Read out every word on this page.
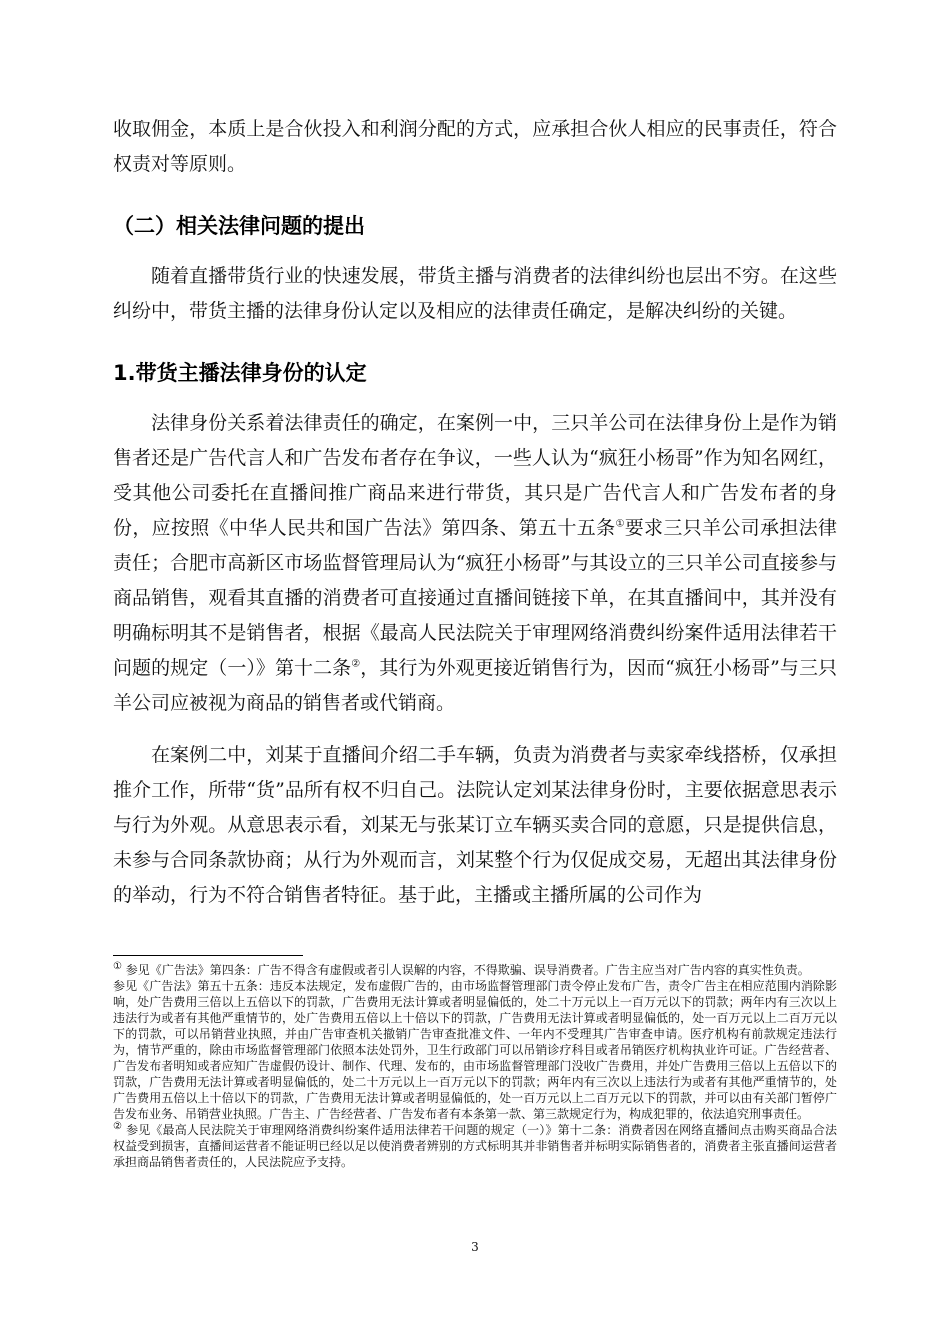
收取佣金，本质上是合伙投入和利润分配的方式，应承担合伙人相应的民事责任，符合权责对等原则。

（二）相关法律问题的提出

随着直播带货行业的快速发展，带货主播与消费者的法律纠纷也层出不穷。在这些纠纷中，带货主播的法律身份认定以及相应的法律责任确定，是解决纠纷的关键。

1.带货主播法律身份的认定

法律身份关系着法律责任的确定，在案例一中，三只羊公司在法律身份上是作为销售者还是广告代言人和广告发布者存在争议，一些人认为“疯狂小杨哥”作为知名网红，受其他公司委托在直播间推广商品来进行带货，其只是广告代言人和广告发布者的身份，应按照《中华人民共和国广告法》第四条、第五十五条①要求三只羊公司承担法律责任；合肥市高新区市场监督管理局认为“疯狂小杨哥”与其设立的三只羊公司直接参与商品销售，观看其直播的消费者可直接通过直播间链接下单，在其直播间中，其并没有明确标明其不是销售者，根据《最高人民法院关于审理网络消费纠纷案件适用法律若干问题的规定（一）》第十二条②，其行为外观更接近销售行为，因而“疯狂小杨哥”与三只羊公司应被视为商品的销售者或代销商。

在案例二中，刘某于直播间介绍二手车辆，负责为消费者与卖家牵线搭桥，仅承担推介工作，所带“货”品所有权不归自己。法院认定刘某法律身份时，主要依据意思表示与行为外观。从意思表示看，刘某无与张某订立车辆买卖合同的意愿，只是提供信息，未参与合同条款协商；从行为外观而言，刘某整个行为仅促成交易，无超出其法律身份的举动，行为不符合销售者特征。基于此，主播或主播所属的公司作为

① 参见《广告法》第四条：广告不得含有虚假或者引人误解的内容，不得欺骗、误导消费者。广告主应当对广告内容的真实性负责。

参见《广告法》第五十五条：违反本法规定，发布虚假广告的，由市场监督管理部门责令停止发布广告，责令广告主在相应范围内消除影响，处广告费用三倍以上五倍以下的罚款，广告费用无法计算或者明显偏低的，处二十万元以上一百万元以下的罚款；两年内有三次以上违法行为或者有其他严重情节的，处广告费用五倍以上十倍以下的罚款，广告费用无法计算或者明显偏低的，处一百万元以上二百万元以下的罚款，可以吊销营业执照，并由广告审查机关撤销广告审查批准文件、一年内不受理其广告审查申请。医疗机构有前款规定违法行为，情节严重的，除由市场监督管理部门依照本法处罚外，卫生行政部门可以吊销诊疗科目或者吊销医疗机构执业许可证。广告经营者、广告发布者明知或者应知广告虚假仍设计、制作、代理、发布的，由市场监督管理部门没收广告费用，并处广告费用三倍以上五倍以下的罚款，广告费用无法计算或者明显偏低的，处二十万元以上一百万元以下的罚款；两年内有三次以上违法行为或者有其他严重情节的，处广告费用五倍以上十倍以下的罚款，广告费用无法计算或者明显偏低的，处一百万元以上二百万元以下的罚款，并可以由有关部门暂停广告发布业务、吊销营业执照。广告主、广告经营者、广告发布者有本条第一款、第三款规定行为，构成犯罪的，依法追究刑事责任。

② 参见《最高人民法院关于审理网络消费纠纷案件适用法律若干问题的规定（一）》第十二条：消费者因在网络直播间点击购买商品合法权益受到损害，直播间运营者不能证明已经以足以使消费者辨别的方式标明其并非销售者并标明实际销售者的，消费者主张直播间运营者承担商品销售者责任的，人民法院应予支持。

3
